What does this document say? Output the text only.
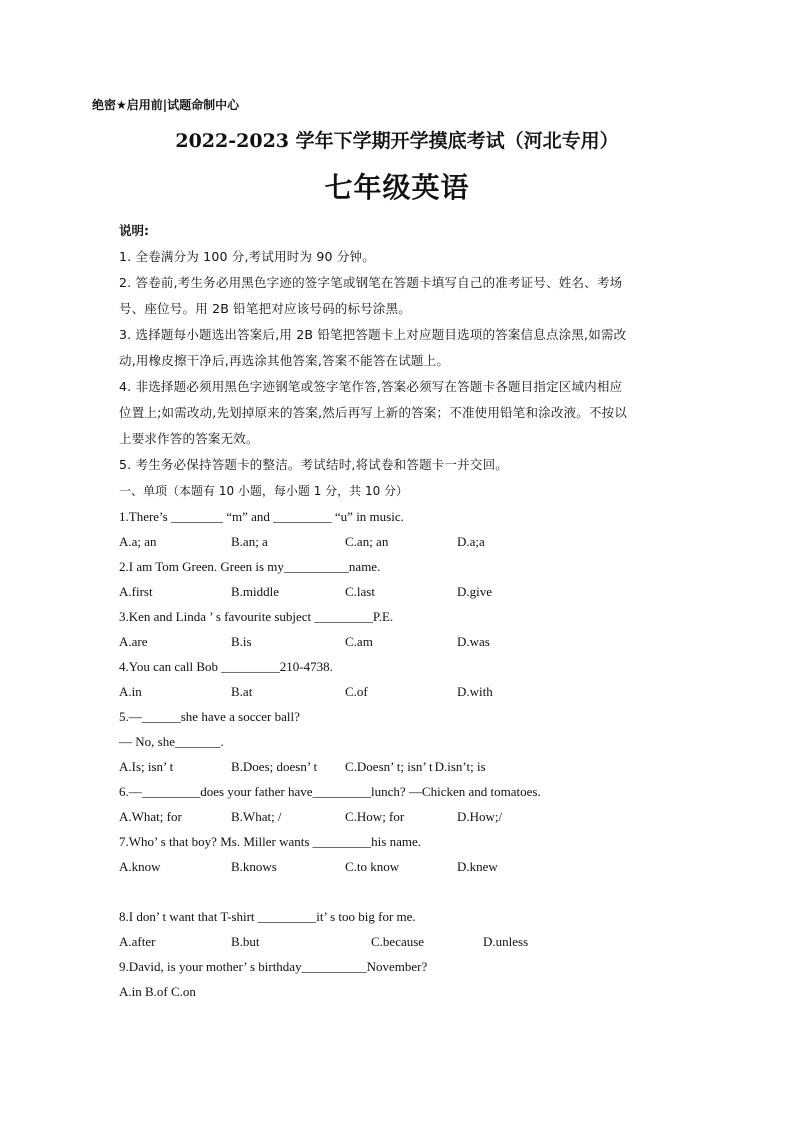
绝密★启用前|试题命制中心
2022-2023 学年下学期开学摸底考试（河北专用）
七年级英语
说明:
1. 全卷满分为 100 分,考试用时为 90 分钟。
2. 答卷前,考生务必用黑色字迹的签字笔或钢笔在答题卡填写自己的准考证号、姓名、考场
号、座位号。用 2B 铅笔把对应该号码的标号涂黑。
3. 选择题每小题选出答案后,用 2B 铅笔把答题卡上对应题目选项的答案信息点涂黑,如需改
动,用橡皮擦干净后,再选涂其他答案,答案不能答在试题上。
4. 非选择题必须用黑色字迹钢笔或签字笔作答,答案必须写在答题卡各题目指定区域内相应
位置上;如需改动,先划掉原来的答案,然后再写上新的答案；不准使用铅笔和涂改液。不按以
上要求作答的答案无效。
5. 考生务必保持答题卡的整洁。考试结时,将试卷和答题卡一并交回。
一、单项（本题有 10 小题，每小题 1 分，共 10 分）
1.There’s ________ “m” and _________ “u” in music.
A.a; an	B.an; a	C.an; an	D.a;a
2.I am Tom Green. Green is my__________name.
A.first	B.middle	C.last	D.give
3.Ken and Linda ’ s favourite subject _________P.E.
A.are	B.is	C.am	D.was
4.You can call Bob _________210-4738.
A.in	B.at	C.of	D.with
5.—______she have a soccer ball?
— No, she_______.
A.Is; isn’ t	B.Does; doesn’ t	C.Doesn’ t; isn’ t D.isn’t; is
6.—_________does your father have_________lunch? —Chicken and tomatoes.
A.What; for	B.What; /	C.How; for	D.How;/
7.Who’ s that boy? Ms. Miller wants _________his name.
A.know	B.knows	C.to know	D.knew
8.I don’ t want that T-shirt _________it’ s too big for me.
A.after	B.but	C.because	D.unless
9.David, is your mother’ s birthday__________November?
A.in B.of C.on
